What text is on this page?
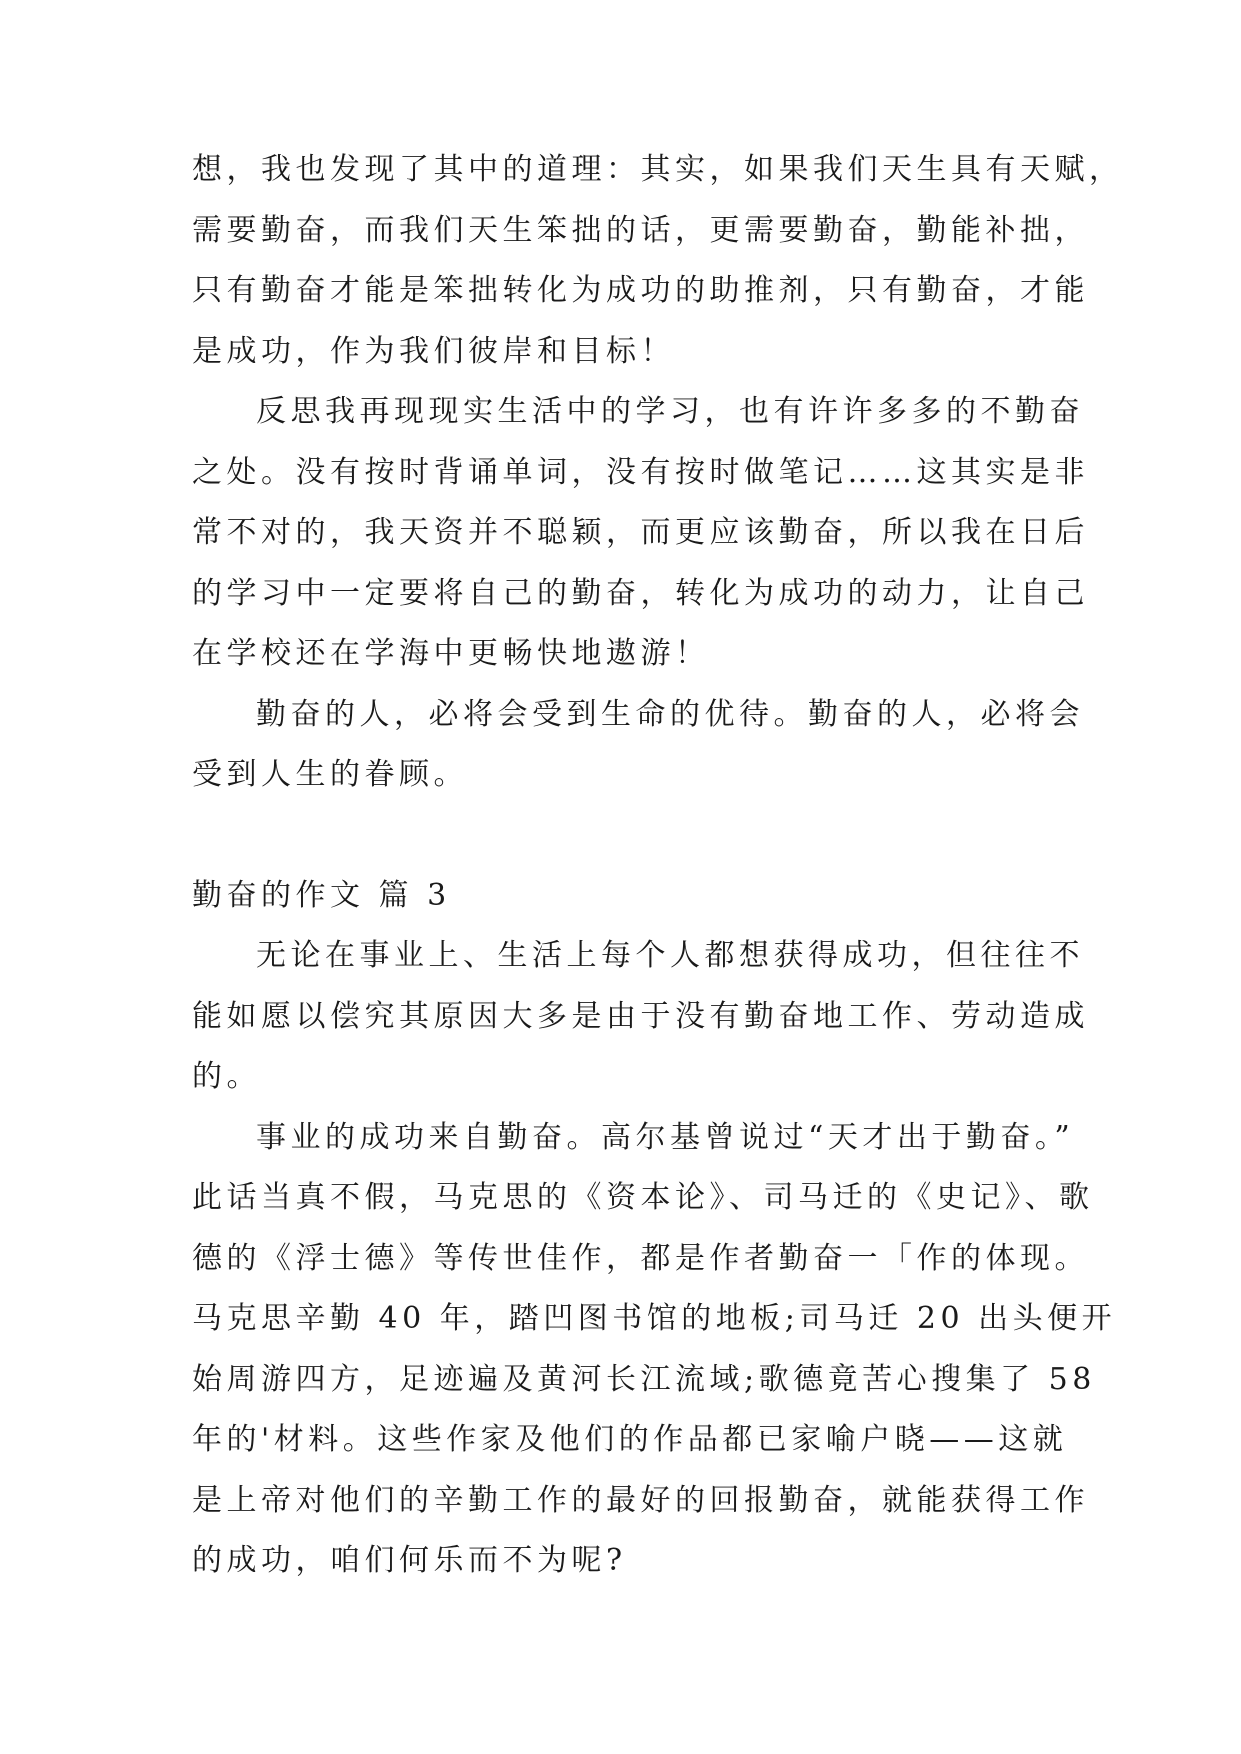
想，我也发现了其中的道理：其实，如果我们天生具有天赋，
需要勤奋，而我们天生笨拙的话，更需要勤奋，勤能补拙，
只有勤奋才能是笨拙转化为成功的助推剂，只有勤奋，才能
是成功，作为我们彼岸和目标！
反思我再现现实生活中的学习，也有许许多多的不勤奋
之处。没有按时背诵单词，没有按时做笔记……这其实是非
常不对的，我天资并不聪颖，而更应该勤奋，所以我在日后
的学习中一定要将自己的勤奋，转化为成功的动力，让自己
在学校还在学海中更畅快地遨游！
勤奋的人，必将会受到生命的优待。勤奋的人，必将会
受到人生的眷顾。
勤奋的作文 篇 3
无论在事业上、生活上每个人都想获得成功，但往往不
能如愿以偿究其原因大多是由于没有勤奋地工作、劳动造成
的。
事业的成功来自勤奋。高尔基曾说过“天才出于勤奋。”
此话当真不假，马克思的《资本论》、司马迁的《史记》、歌
德的《浮士德》等传世佳作，都是作者勤奋一「作的体现。
马克思辛勤 40 年，踏凹图书馆的地板;司马迁 20 出头便开
始周游四方，足迹遍及黄河长江流域;歌德竟苦心搜集了 58
年的'材料。这些作家及他们的作品都已家喻户晓——这就
是上帝对他们的辛勤工作的最好的回报勤奋，就能获得工作
的成功，咱们何乐而不为呢?
